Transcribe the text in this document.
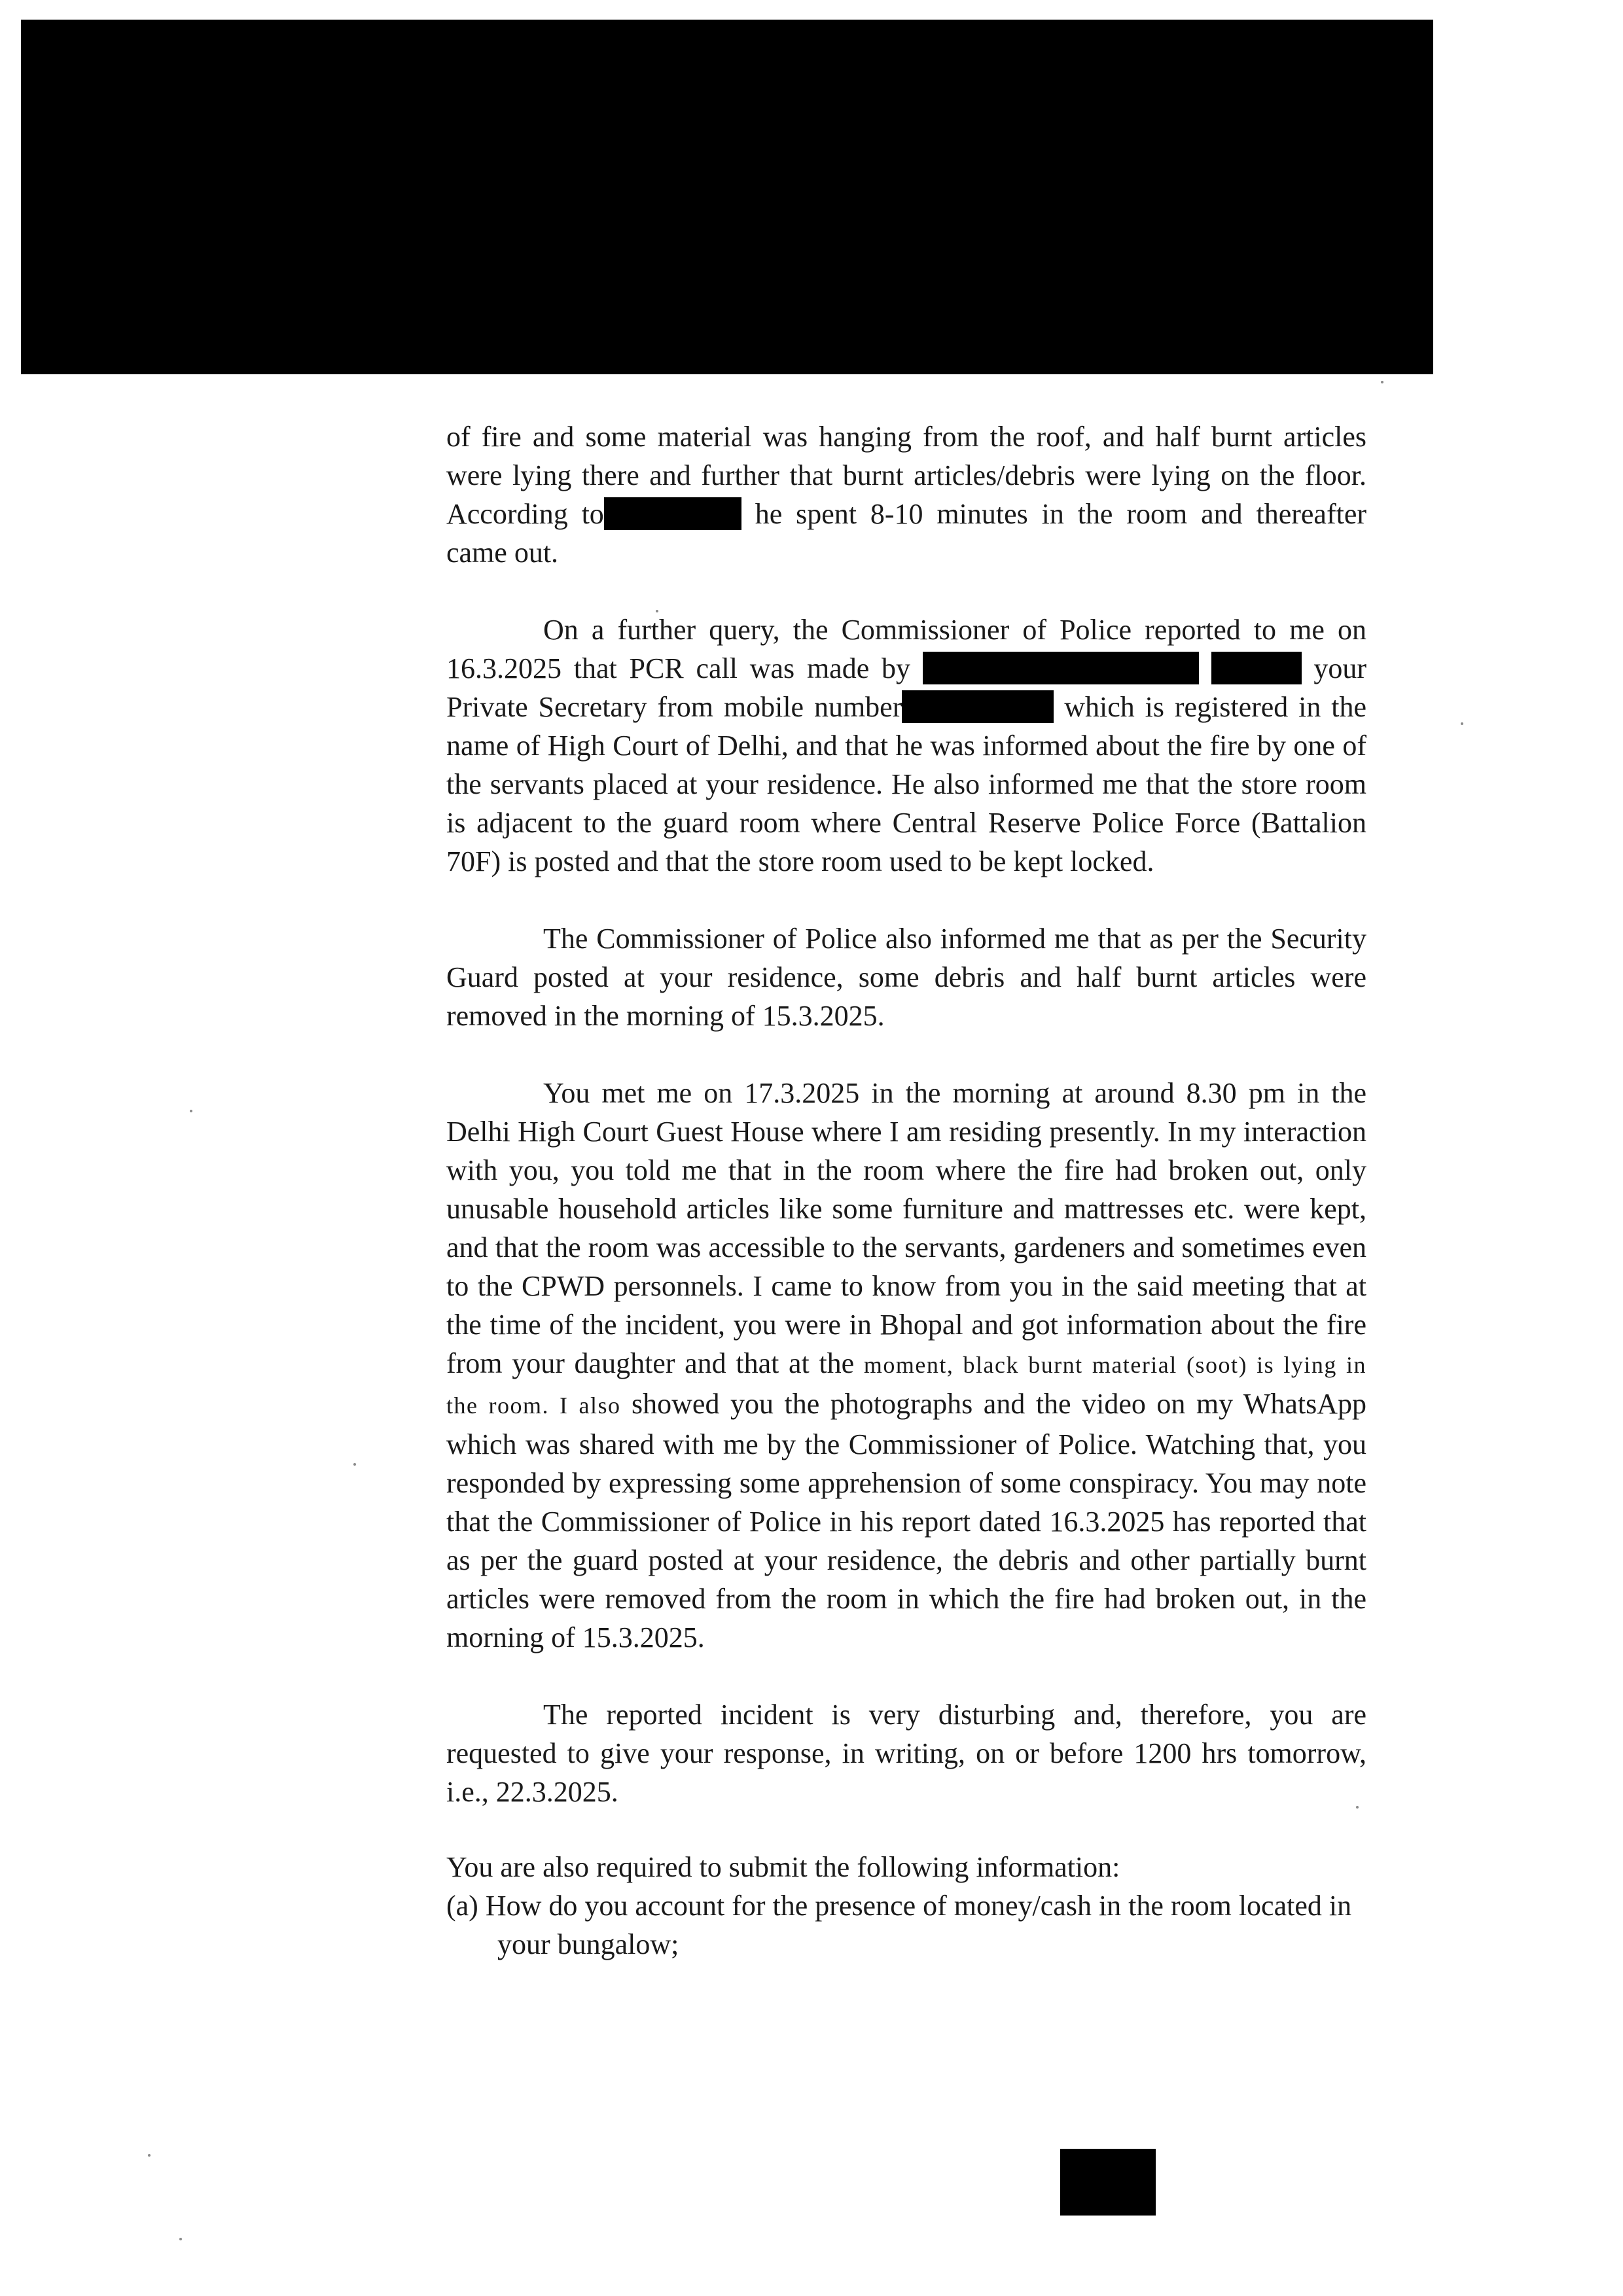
of fire and some material was hanging from the roof, and half burnt articles were lying there and further that burnt articles/debris were lying on the floor. According to	he spent 8-10 minutes in the room and thereafter came out.

On a further query, the Commissioner of Police reported to me on 16.3.2025 that PCR call was made by	your Private Secretary from mobile number	which is registered in the name of High Court of Delhi, and that he was informed about the fire by one of the servants placed at your residence. He also informed me that the store room is adjacent to the guard room where Central Reserve Police Force (Battalion 70F) is posted and that the store room used to be kept locked.

The Commissioner of Police also informed me that as per the Security Guard posted at your residence, some debris and half burnt articles were removed in the morning of 15.3.2025.

You met me on 17.3.2025 in the morning at around 8.30 pm in the Delhi High Court Guest House where I am residing presently. In my interaction with you, you told me that in the room where the fire had broken out, only unusable household articles like some furniture and mattresses etc. were kept, and that the room was accessible to the servants, gardeners and sometimes even to the CPWD personnels. I came to know from you in the said meeting that at the time of the incident, you were in Bhopal and got information about the fire from your daughter and that at the moment, black burnt material (soot) is lying in the room. I also showed you the photographs and the video on my WhatsApp which was shared with me by the Commissioner of Police. Watching that, you responded by expressing some apprehension of some conspiracy. You may note that the Commissioner of Police in his report dated 16.3.2025 has reported that as per the guard posted at your residence, the debris and other partially burnt articles were removed from the room in which the fire had broken out, in the morning of 15.3.2025.

The reported incident is very disturbing and, therefore, you are requested to give your response, in writing, on or before 1200 hrs tomorrow, i.e., 22.3.2025.

You are also required to submit the following information:

(a) How do you account for the presence of money/cash in the room located in your bungalow;
